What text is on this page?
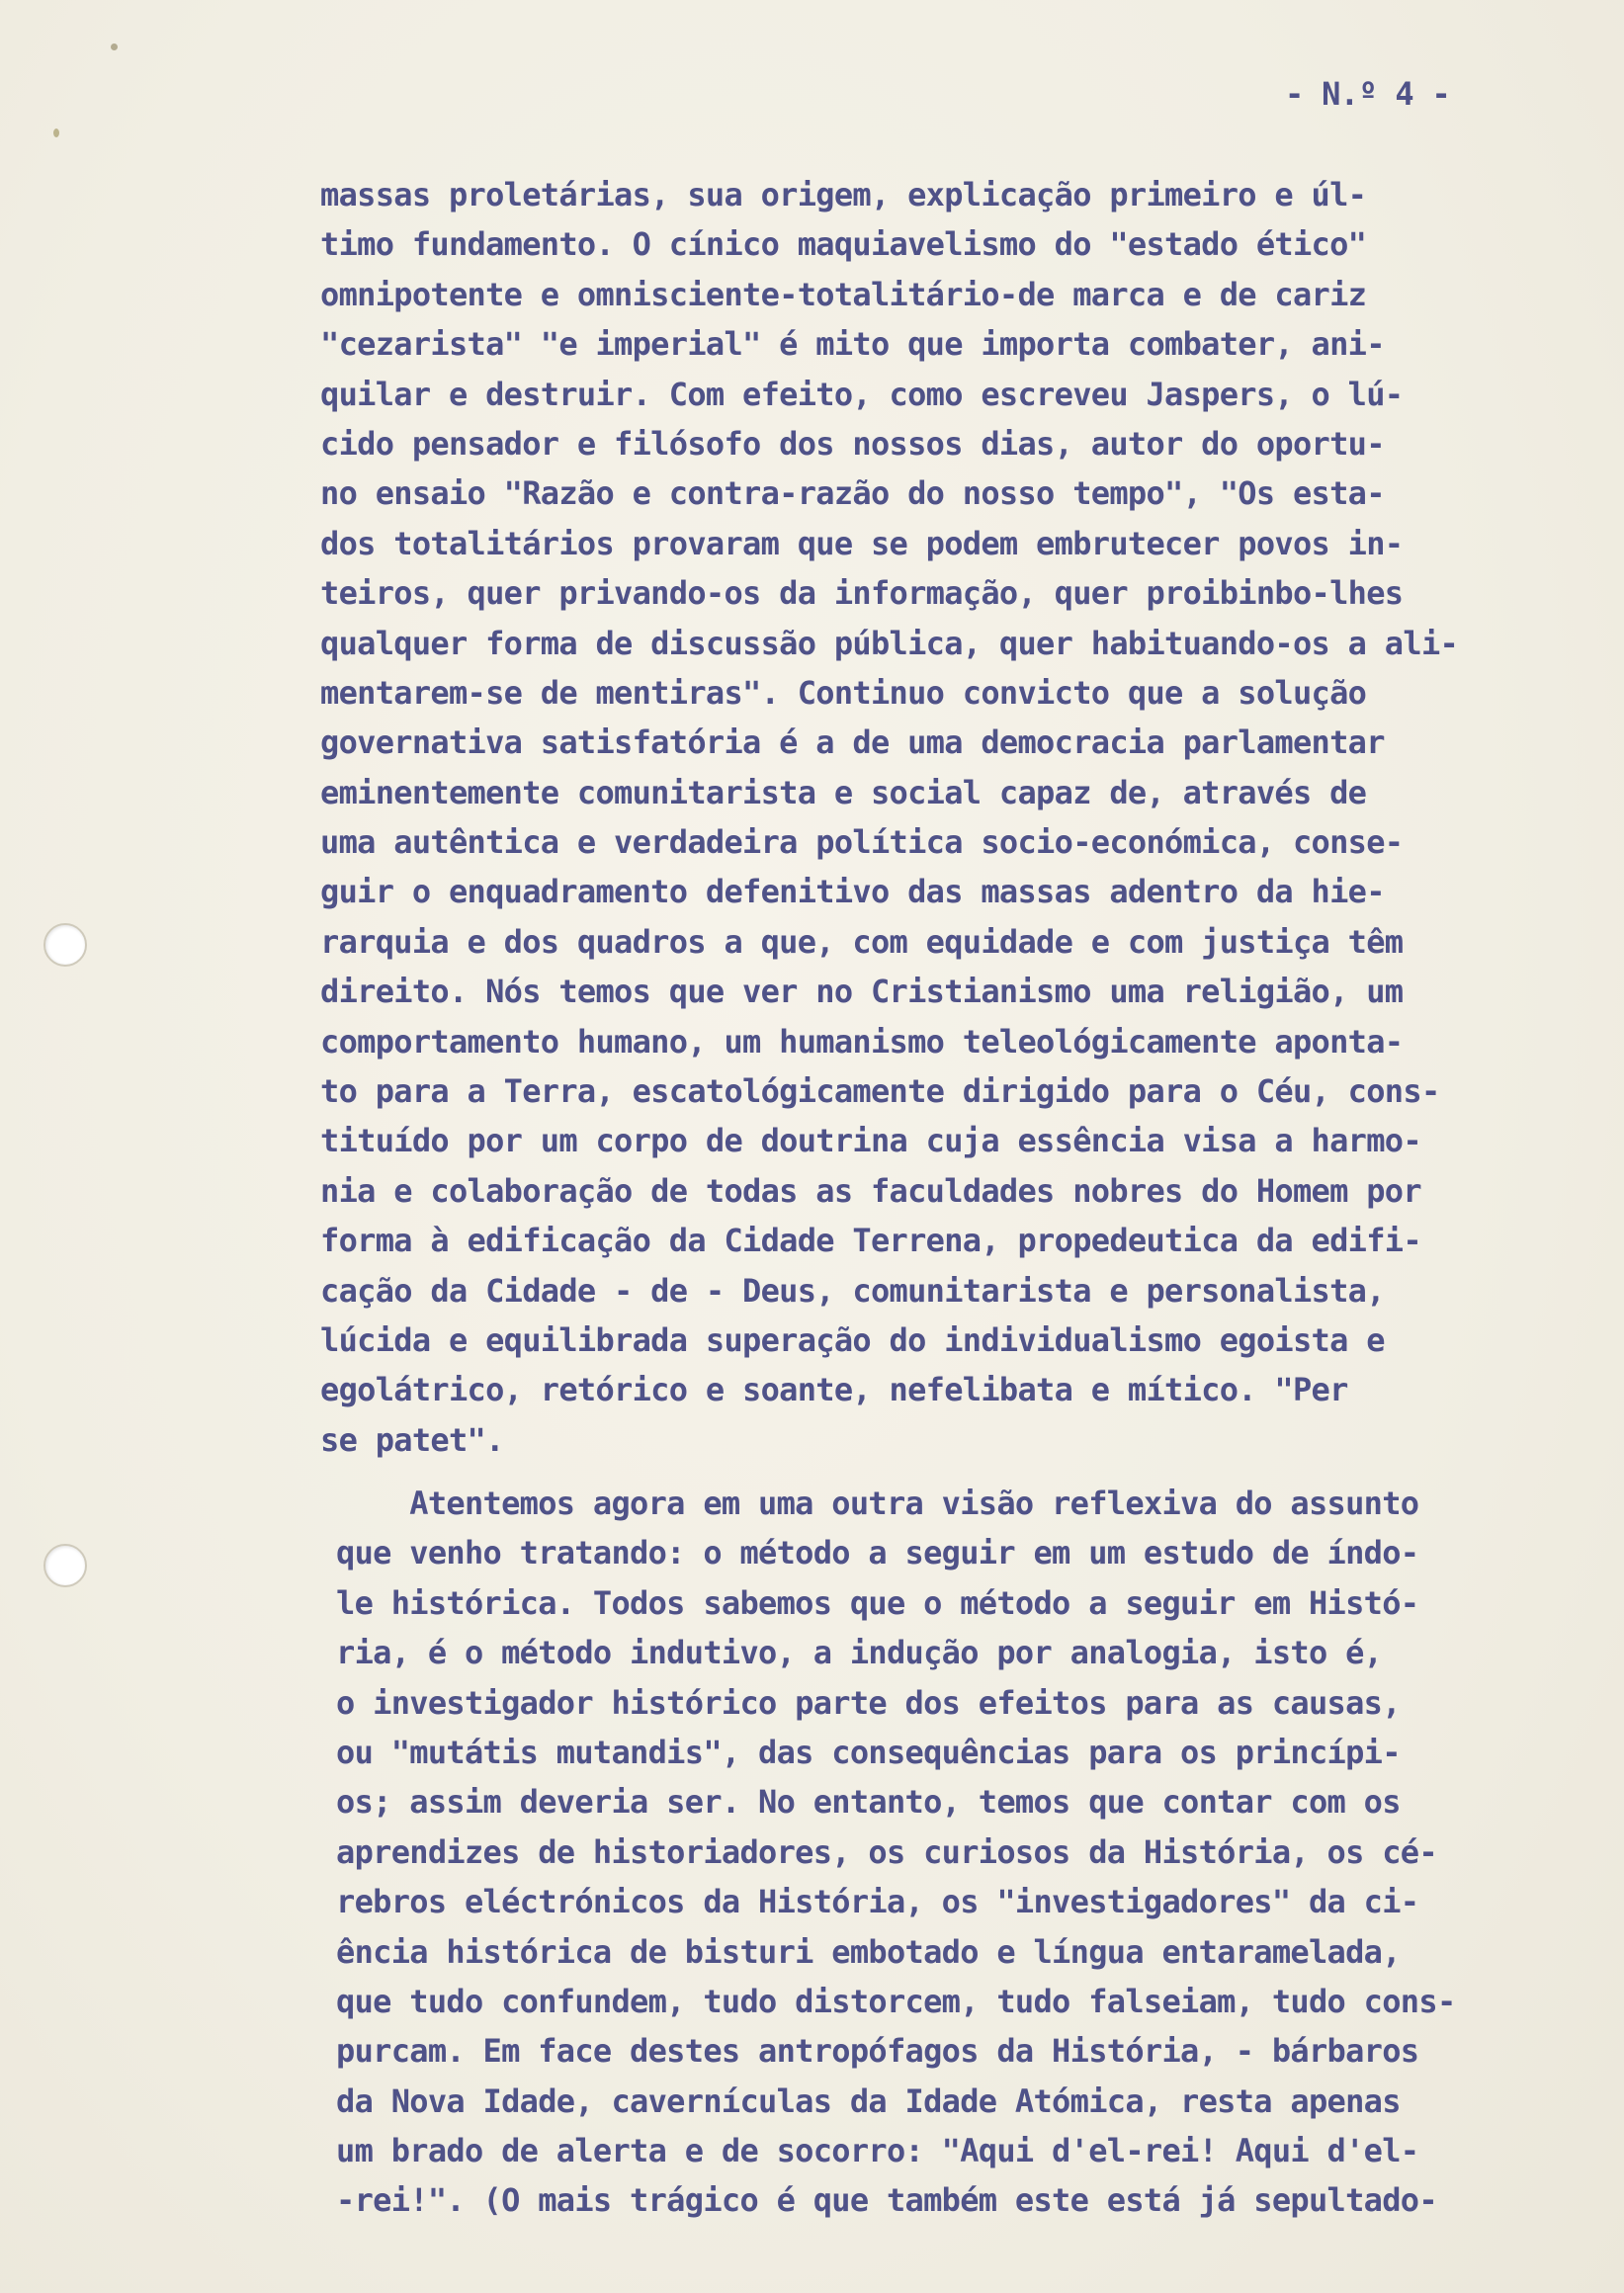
- N.º 4 -
massas proletárias, sua origem, explicação primeiro e úl-
timo fundamento. O cínico maquiavelismo do "estado ético"
omnipotente e omnisciente-totalitário-de marca e de cariz
"cezarista" "e imperial" é mito que importa combater, ani-
quilar e destruir. Com efeito, como escreveu Jaspers, o lú-
cido pensador e filósofo dos nossos dias, autor do oportu-
no ensaio "Razão e contra-razão do nosso tempo", "Os esta-
dos totalitários provaram que se podem embrutecer povos in-
teiros, quer privando-os da informação, quer proibinbo-lhes
qualquer forma de discussão pública, quer habituando-os a ali-
mentarem-se de mentiras". Continuo convicto que a solução
governativa satisfatória é a de uma democracia parlamentar
eminentemente comunitarista e social capaz de, através de
uma autêntica e verdadeira política socio-económica, conse-
guir o enquadramento defenitivo das massas adentro da hie-
rarquia e dos quadros a que, com equidade e com justiça têm
direito. Nós temos que ver no Cristianismo uma religião, um
comportamento humano, um humanismo teleológicamente aponta-
to para a Terra, escatológicamente dirigido para o Céu, cons-
tituído por um corpo de doutrina cuja essência visa a harmo-
nia e colaboração de todas as faculdades nobres do Homem por
forma à edificação da Cidade Terrena, propedeutica da edifi-
cação da Cidade - de - Deus, comunitarista e personalista,
lúcida e equilibrada superação do individualismo egoista e
egolátrico, retórico e soante, nefelibata e mítico. "Per
se patet".
Atentemos agora em uma outra visão reflexiva do assunto
que venho tratando: o método a seguir em um estudo de índo-
le histórica. Todos sabemos que o método a seguir em Histó-
ria, é o método indutivo, a indução por analogia, isto é,
o investigador histórico parte dos efeitos para as causas,
ou "mutátis mutandis", das consequências para os princípi-
os; assim deveria ser. No entanto, temos que contar com os
aprendizes de historiadores, os curiosos da História, os cé-
rebros eléctrónicos da História, os "investigadores" da ci-
ência histórica de bisturi embotado e língua entaramelada,
que tudo confundem, tudo distorcem, tudo falseiam, tudo cons-
purcam. Em face destes antropófagos da História, - bárbaros
da Nova Idade, cavernículas da Idade Atómica, resta apenas
um brado de alerta e de socorro: "Aqui d'el-rei! Aqui d'el-
-rei!". (O mais trágico é que também este está já sepultado-
